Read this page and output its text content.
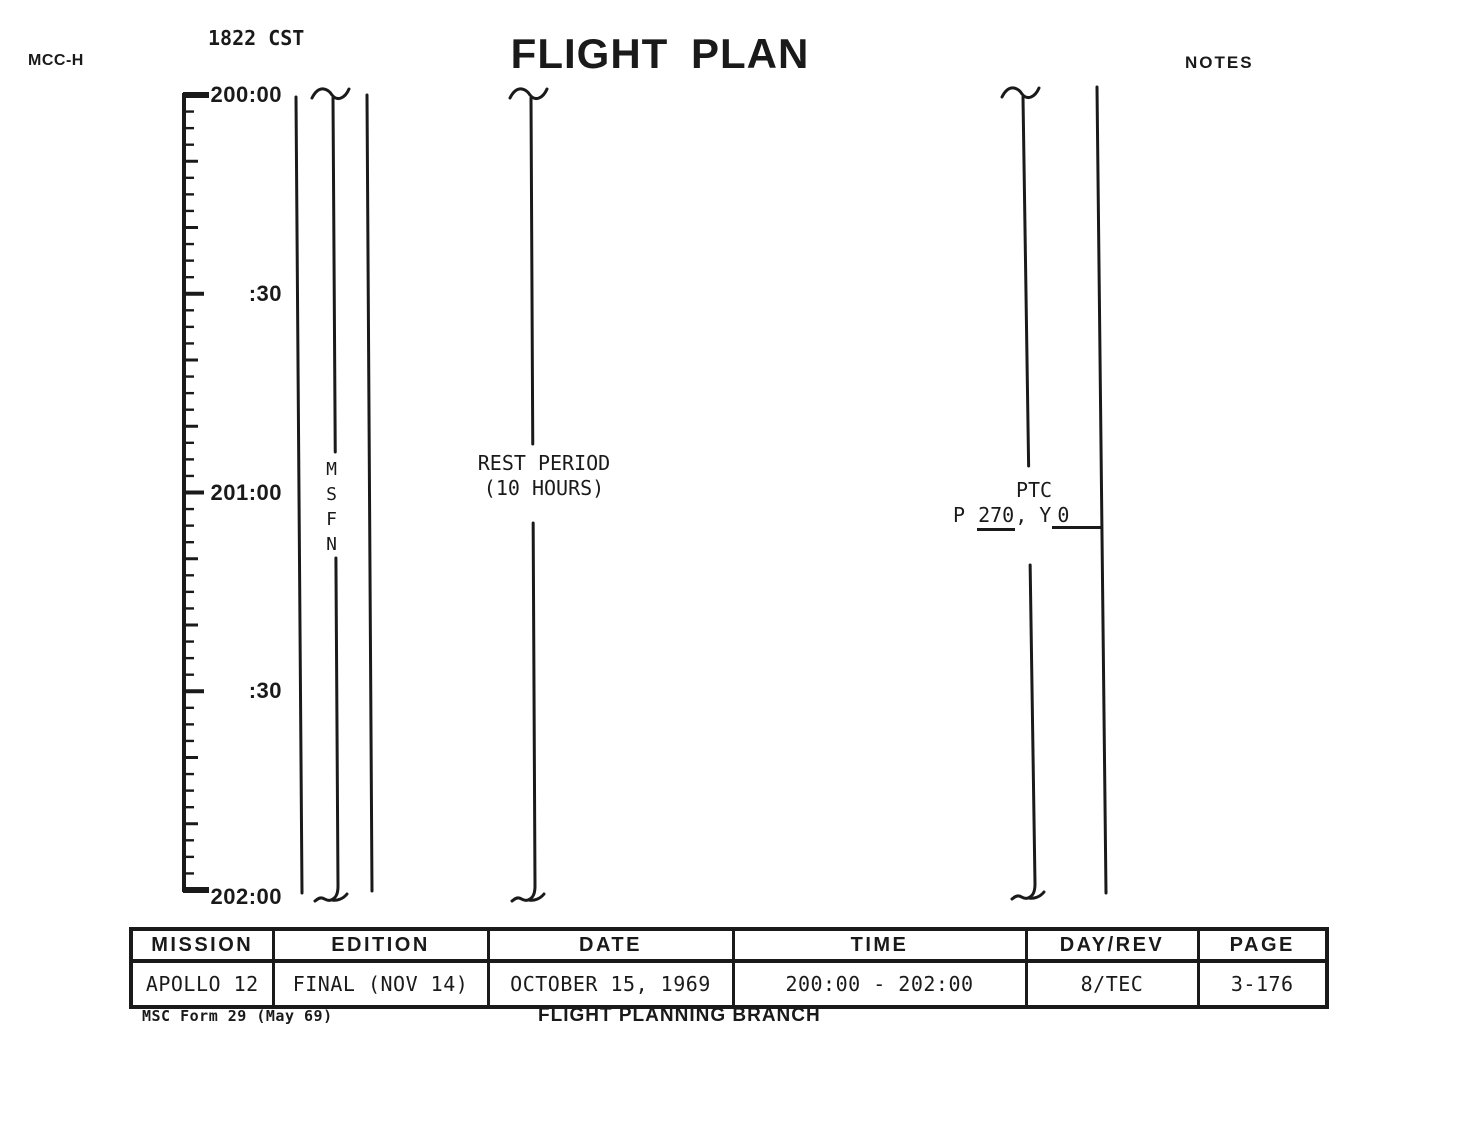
MCC-H
1822 CST	FLIGHT PLAN	NOTES
200:00
:30
201:00
:30
202:00
MSFN	REST PERIOD
(10 HOURS)	PTC
P 270, Y 0
MISSION	EDITION	DATE	TIME	DAY/REV	PAGE
APOLLO 12	FINAL (NOV 14)	OCTOBER 15, 1969	200:00 - 202:00	8/TEC	3-176
MSC Form 29 (May 69)	FLIGHT PLANNING BRANCH
